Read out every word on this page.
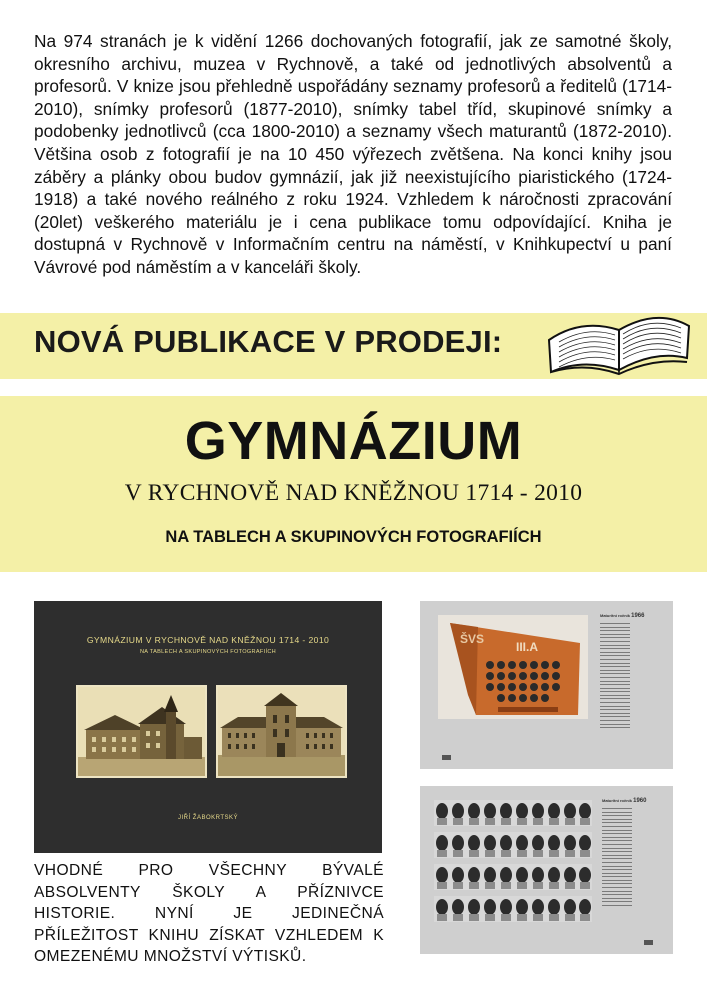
Na 974 stranách je k vidění 1266 dochovaných fotografií, jak ze samotné školy, okresního archivu, muzea v Rychnově, a také od jednotlivých absolventů a profesorů. V knize jsou přehledně uspořádány seznamy profesorů a ředitelů (1714- 2010), snímky profesorů (1877-2010), snímky tabel tříd, skupinové snímky a podobenky jednotlivců (cca 1800-2010) a seznamy všech maturantů (1872-2010). Většina osob z fotografií je na 10 450 výřezech zvětšena. Na konci knihy jsou záběry a plánky obou budov gymnázií, jak již neexistujícího piaristického (1724-1918) a také nového reálného z roku 1924. Vzhledem k náročnosti zpracování (20let) veškerého materiálu je i cena publikace tomu odpovídající. Kniha je dostupná v Rychnově v Informačním centru na náměstí, v Knihkupectví u paní Vávrové pod náměstím a v kanceláři školy.

NOVÁ PUBLIKACE V PRODEJI:
GYMNÁZIUM
V RYCHNOVĚ NAD KNĚŽNOU 1714 - 2010
NA TABLECH A SKUPINOVÝCH FOTOGRAFIÍCH
GYMNÁZIUM V RYCHNOVĚ NAD KNĚŽNOU 1714 - 2010
NA TABLECH A SKUPINOVÝCH FOTOGRAFIÍCH
JIŘÍ ŽABOKRTSKÝ

VHODNÉ PRO VŠECHNY BÝVALÉ ABSOLVENTY ŠKOLY A PŘÍZNIVCE HISTORIE. NYNÍ JE JEDINEČNÁ PŘÍLEŽITOST KNIHU ZÍSKAT VZHLEDEM K OMEZENÉMU MNOŽSTVÍ VÝTISKŮ.

ŠVS
III.A
Maturitní ročník 1966
Maturitní ročník 1960
